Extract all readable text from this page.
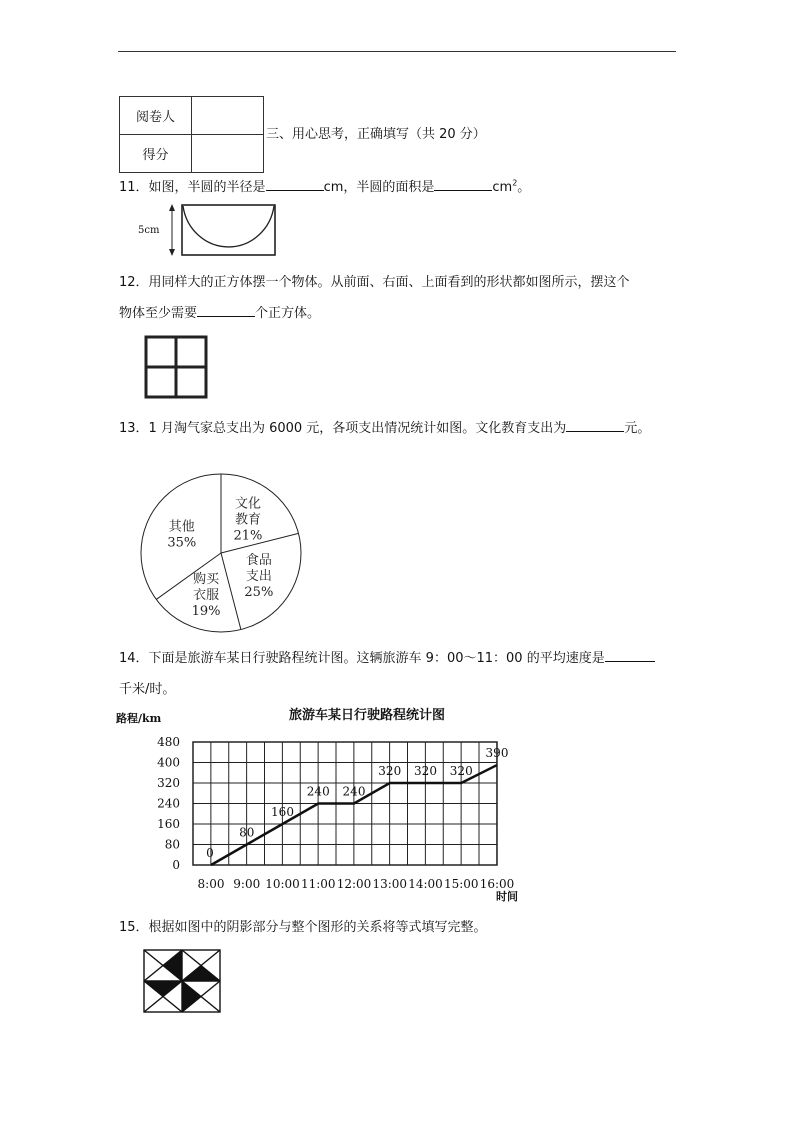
阅卷人	
得分	
三、用心思考，正确填写（共 20 分）
11．如图，半圆的半径是	cm，半圆的面积是	$cm^2$。
5cm
12．用同样大的正方体摆一个物体。从前面、右面、上面看到的形状都如图所示，摆这个
物体至少需要	个正方体。
13．1 月淘气家总支出为 6000 元，各项支出情况统计如图。文化教育支出为	元。
文化
教育
21%
食品
支出
25%
购买
衣服
19%
其他
35%
14．下面是旅游车某日行驶路程统计图。这辆旅游车 9：00～11：00 的平均速度是
千米/时。
旅游车某日行驶路程统计图
路程/km
时间
0
80
160
240
320
400
480
8:00 9:00 10:00 11:00 12:00 13:00 14:00 15:00 16:00
0
80
160
240 240
320 320 320
390
15．根据如图中的阴影部分与整个图形的关系将等式填写完整。
